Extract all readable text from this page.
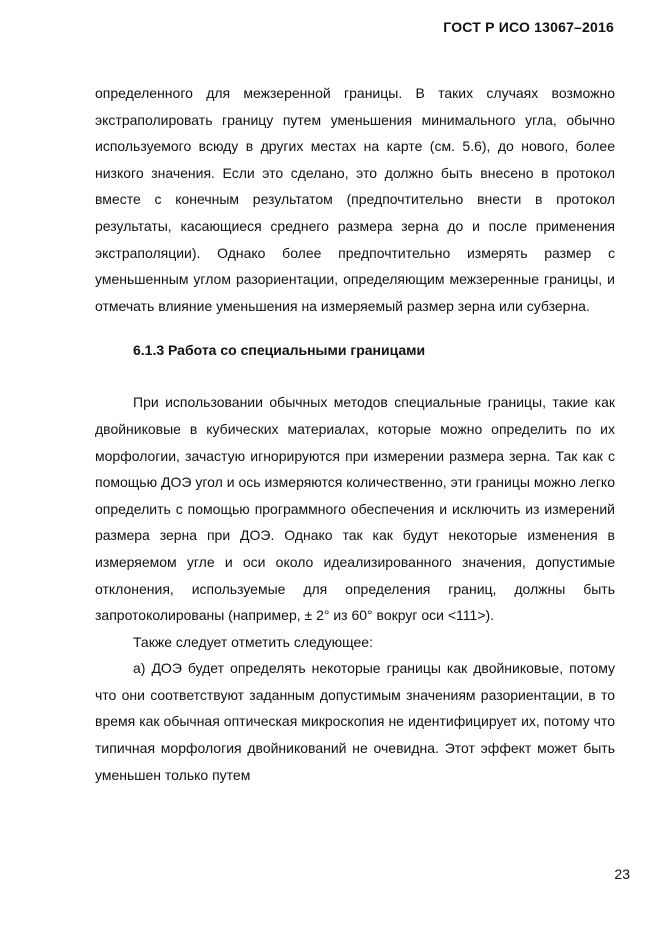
ГОСТ Р ИСО 13067–2016

определенного для межзеренной границы. В таких случаях возможно экстраполировать границу путем уменьшения минимального угла, обычно используемого всюду в других местах на карте (см. 5.6), до нового, более низкого значения. Если это сделано, это должно быть внесено в протокол вместе с конечным результатом (предпочтительно внести в протокол результаты, касающиеся среднего размера зерна до и после применения экстраполяции). Однако более предпочтительно измерять размер с уменьшенным углом разориентации, определяющим межзеренные границы, и отмечать влияние уменьшения на измеряемый размер зерна или субзерна.

6.1.3 Работа со специальными границами

При использовании обычных методов специальные границы, такие как двойниковые в кубических материалах, которые можно определить по их морфологии, зачастую игнорируются при измерении размера зерна. Так как с помощью ДОЭ угол и ось измеряются количественно, эти границы можно легко определить с помощью программного обеспечения и исключить из измерений размера зерна при ДОЭ. Однако так как будут некоторые изменения в измеряемом угле и оси около идеализированного значения, допустимые отклонения, используемые для определения границ, должны быть запротоколированы (например, ± 2° из 60° вокруг оси <111>).

Также следует отметить следующее:

а) ДОЭ будет определять некоторые границы как двойниковые, потому что они соответствуют заданным допустимым значениям разориентации, в то время как обычная оптическая микроскопия не идентифицирует их, потому что типичная морфология двойникований не очевидна. Этот эффект может быть уменьшен только путем

23
